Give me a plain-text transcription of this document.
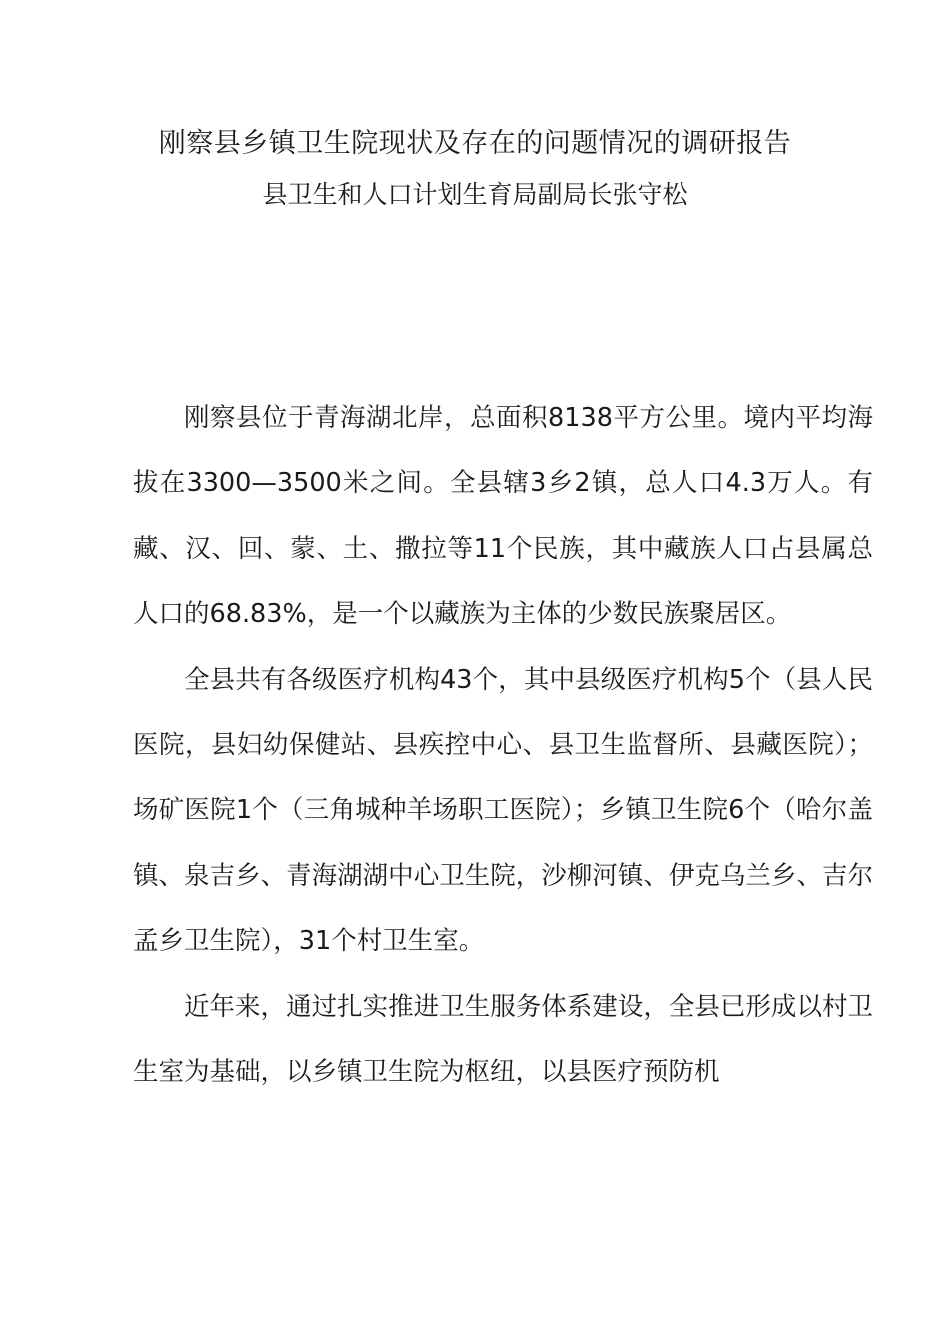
刚察县乡镇卫生院现状及存在的问题情况的调研报告
县卫生和人口计划生育局副局长张守松

刚察县位于青海湖北岸，总面积8138平方公里。境内平均海拔在3300—3500米之间。全县辖3乡2镇，总人口4.3万人。有藏、汉、回、蒙、土、撒拉等11个民族，其中藏族人口占县属总人口的68.83%，是一个以藏族为主体的少数民族聚居区。

全县共有各级医疗机构43个，其中县级医疗机构5个（县人民医院，县妇幼保健站、县疾控中心、县卫生监督所、县藏医院）；场矿医院1个（三角城种羊场职工医院）；乡镇卫生院6个（哈尔盖镇、泉吉乡、青海湖湖中心卫生院，沙柳河镇、伊克乌兰乡、吉尔孟乡卫生院），31个村卫生室。

近年来，通过扎实推进卫生服务体系建设，全县已形成以村卫生室为基础，以乡镇卫生院为枢纽，以县医疗预防机
